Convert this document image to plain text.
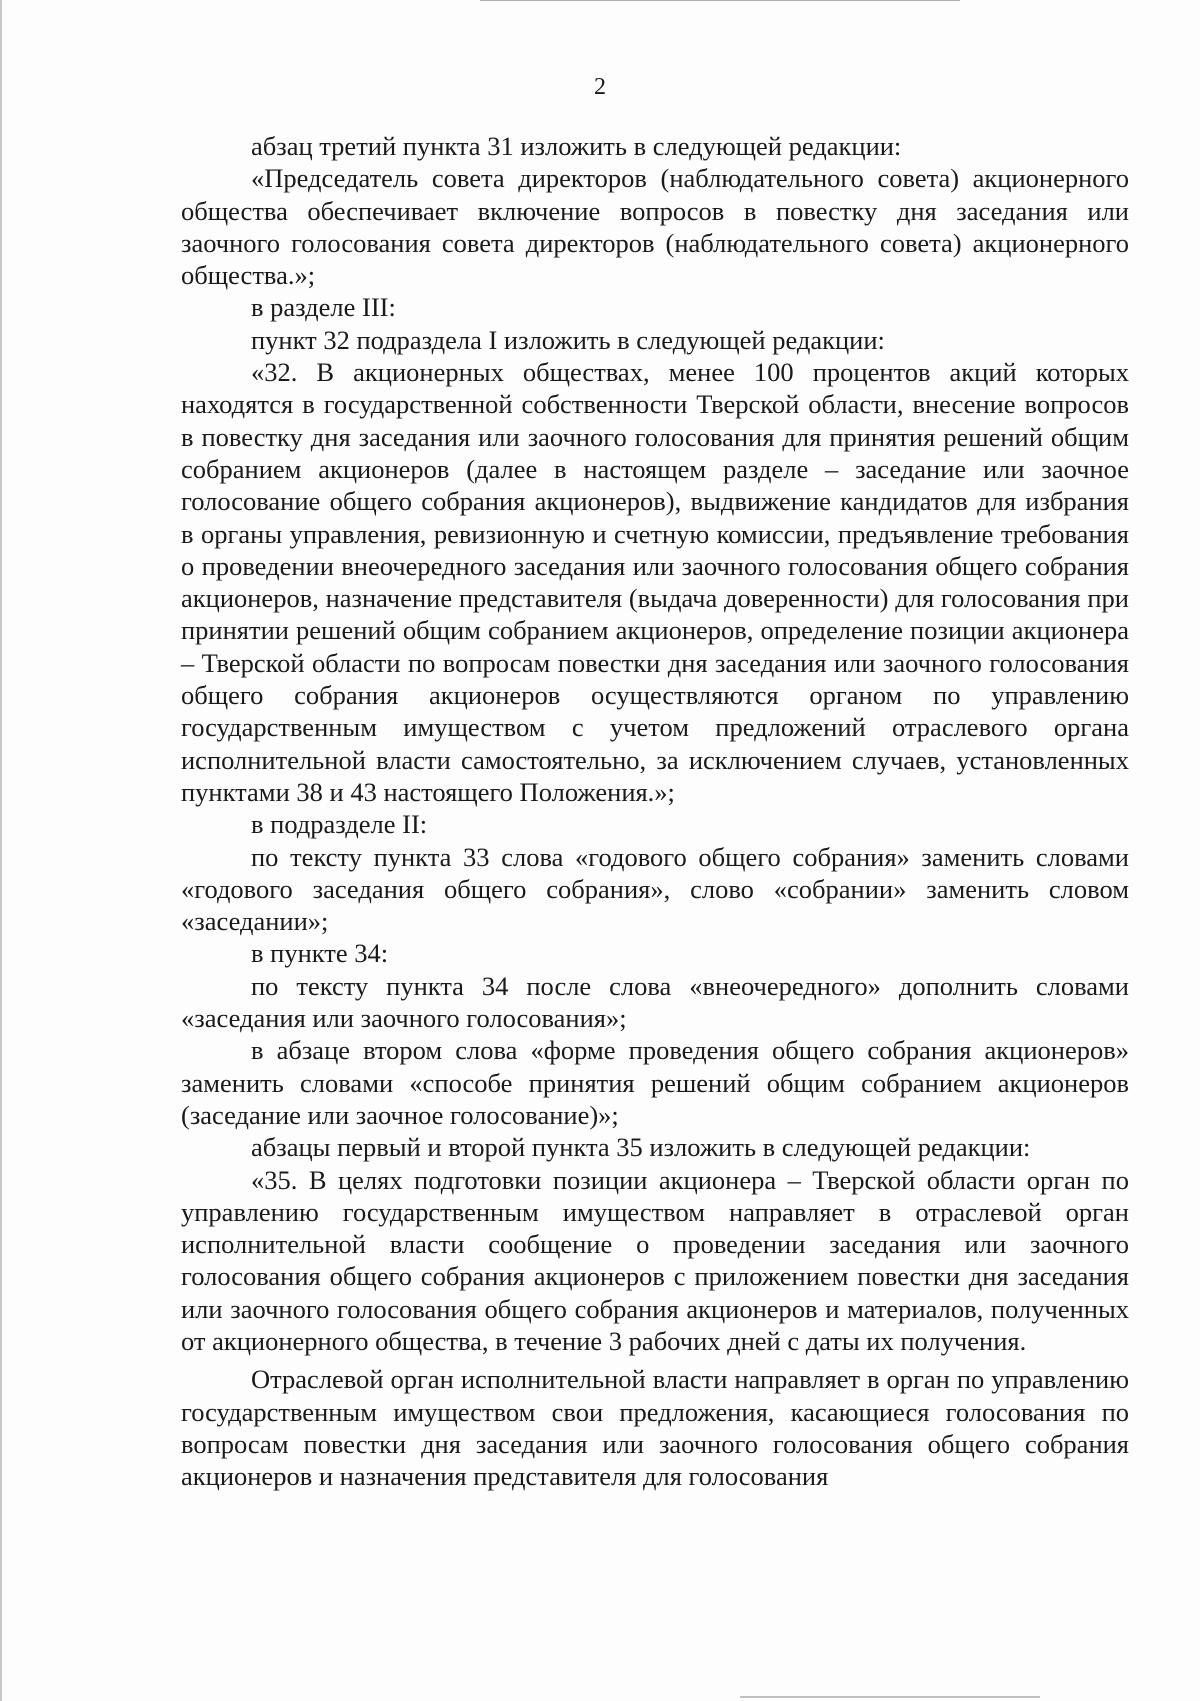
2

абзац третий пункта 31 изложить в следующей редакции:

«Председатель совета директоров (наблюдательного совета) акционерного общества обеспечивает включение вопросов в повестку дня заседания или заочного голосования совета директоров (наблюдательного совета) акционерного общества.»;

в разделе III:

пункт 32 подраздела I изложить в следующей редакции:

«32. В акционерных обществах, менее 100 процентов акций которых находятся в государственной собственности Тверской области, внесение вопросов в повестку дня заседания или заочного голосования для принятия решений общим собранием акционеров (далее в настоящем разделе – заседание или заочное голосование общего собрания акционеров), выдвижение кандидатов для избрания в органы управления, ревизионную и счетную комиссии, предъявление требования о проведении внеочередного заседания или заочного голосования общего собрания акционеров, назначение представителя (выдача доверенности) для голосования при принятии решений общим собранием акционеров, определение позиции акционера – Тверской области по вопросам повестки дня заседания или заочного голосования общего собрания акционеров осуществляются органом по управлению государственным имуществом с учетом предложений отраслевого органа исполнительной власти самостоятельно, за исключением случаев, установленных пунктами 38 и 43 настоящего Положения.»;

в подразделе II:

по тексту пункта 33 слова «годового общего собрания» заменить словами «годового заседания общего собрания», слово «собрании» заменить словом «заседании»;

в пункте 34:

по тексту пункта 34 после слова «внеочередного» дополнить словами «заседания или заочного голосования»;

в абзаце втором слова «форме проведения общего собрания акционеров» заменить словами «способе принятия решений общим собранием акционеров (заседание или заочное голосование)»;

абзацы первый и второй пункта 35 изложить в следующей редакции:

«35. В целях подготовки позиции акционера – Тверской области орган по управлению государственным имуществом направляет в отраслевой орган исполнительной власти сообщение о проведении заседания или заочного голосования общего собрания акционеров с приложением повестки дня заседания или заочного голосования общего собрания акционеров и материалов, полученных от акционерного общества, в течение 3 рабочих дней с даты их получения.

Отраслевой орган исполнительной власти направляет в орган по управлению государственным имуществом свои предложения, касающиеся голосования по вопросам повестки дня заседания или заочного голосования общего собрания акционеров и назначения представителя для голосования
